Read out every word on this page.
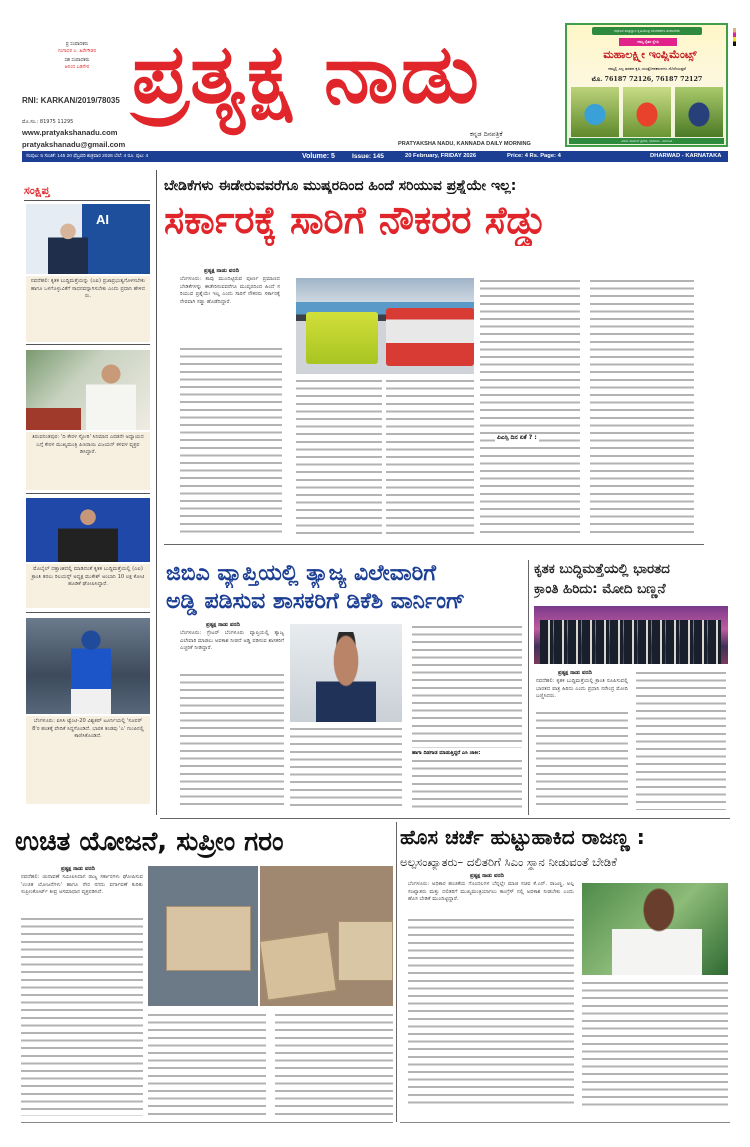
ಪ್ರ ಸಂಪಾದಕರು
ಗಂಗಾಧರ ಎ. ಹಿರೇಗೌಡರ
ಸಹ ಸಂಪಾದಕರು
ಆನಂದ ಬಡಿಗೇರ
RNI: KARKAN/2019/78035
ಮೊ.ಸಂ.: 81975 11295
www.pratyakshanadu.com
pratyakshanadu@gmail.com
ಪ್ರತ್ಯಕ್ಷ ನಾಡು
ಕನ್ನಡ ದಿನಪತ್ರಿಕೆ
PRATYAKSHA NADU, KANNADA DAILY MORNING
ಆಧುನಿಕ ತಂತ್ರಜ್ಞಾನ ಕೃಷಿಯಂತ್ರ ಸಲಕರಣೆಗಳ ತಯಾರಕರು
ನಮ್ಮ ರೈತರ ಸ್ನೇಹಿ
ಮಹಾಲಕ್ಷ್ಮೀ ಇಂಪ್ಲಿಮೆಂಟ್ಸ್
ನಮ್ಮಲ್ಲಿ ಎಲ್ಲ ತರಹದ ಕೃಷಿ ಯಂತ್ರೋಪಕರಣಗಳು ದೊರೆಯುತ್ತವೆ
ಮೊ. 76187 72126, 76187 72127
ವಿಳಾಸ: ಕಾರ್ಖಾನೆ ಪ್ರದೇಶ, ಧಾರವಾಡ - ಕರ್ನಾಟಕ
ಸಂಪುಟ: 5 ಸಂಚಿಕೆ: 145 20 ಫೆಬ್ರವರಿ ಶುಕ್ರವಾರ 2026 ಬೆಲೆ: 4 ರೂ. ಪುಟ: 4	Volume: 5	Issue: 145	20 February, FRIDAY 2026	Price: 4 Rs. Page: 4	DHARWAD - KARNATAKA
ಸಂಕ್ಷಿಪ್ತ
AI
ನವದೆಹಲಿ: ಕೃತಕ ಬುದ್ಧಿಮತ್ತೆಯನ್ನು (ಎಐ) ಪ್ರಜಾಪ್ರಭುತ್ವಗೊಳಿಸಬೇಕು ಹಾಗೂ ಒಳಗೊಳ್ಳುವಿಕೆಗೆ ಸಾಧನವನ್ನಾಗಿಸಬೇಕು ಎಂದು ಪ್ರಧಾನಿ ಹೇಳಿದರು.
ತಿರುವನಂತಪುರ: 'ದಿ ಕೇರಳ ಸ್ಟೋರಿ' ಸಿನಿಮಾದ ಎರಡನೇ ಅಧ್ಯಾಯದ ಬಗ್ಗೆ ಕೇರಳ ಮುಖ್ಯಮಂತ್ರಿ ಪಿಣರಾಯಿ ವಿಜಯನ್ ಕಳವಳ ವ್ಯಕ್ತಪಡಿಸಿದ್ದಾರೆ.
ಮೊಬೈಲ್ ದತ್ತಾಂಶದಲ್ಲಿ ಮಾಡಿದಂತೆ ಕೃತಕ ಬುದ್ಧಿಮತ್ತೆಯಲ್ಲಿ (ಎಐ) ಕ್ರಾಂತಿ ತರಲು ರಿಲಯನ್ಸ್ ಅಧ್ಯಕ್ಷ ಮುಕೇಶ್ ಅಂಬಾನಿ 10 ಲಕ್ಷ ಕೋಟಿ ಹೂಡಿಕೆ ಘೋಷಿಸಿದ್ದಾರೆ.
ಬೆಂಗಳೂರು: ಐಸಿಸಿ ಟ್ವೆಂಟಿ-20 ವಿಶ್ವಕಪ್ ಟೂರ್ನಿಯಲ್ಲಿ 'ಸೂಪರ್ 8'ರ ಹಂತಕ್ಕೆ ವೇದಿಕೆ ಸಿದ್ಧಗೊಂಡಿದೆ. ಭಾರತ ತಂಡವು 'ಎ' ಗುಂಪಿನಲ್ಲಿ ಕಾಣಿಸಿಕೊಂಡಿದೆ.
ಬೇಡಿಕೆಗಳು ಈಡೇರುವವರೆಗೂ ಮುಷ್ಕರದಿಂದ ಹಿಂದೆ ಸರಿಯುವ ಪ್ರಶ್ನೆಯೇ ಇಲ್ಲ:
ಸರ್ಕಾರಕ್ಕೆ ಸಾರಿಗೆ ನೌಕರರ ಸೆಡ್ಡು
ಪ್ರತ್ಯಕ್ಷ ನಾಡು ವರದಿ
ಬೆಂಗಳೂರು: ತಾವು ಮುಂದಿಟ್ಟಿರುವ ಪೂರ್ಣ ಪ್ರಮಾಣದ ಬೇಡಿಕೆಗಳನ್ನು ಈಡೇರಿಸುವವರೆಗೂ ಮುಷ್ಕರದಿಂದ ಹಿಂದೆ ಸರಿಯುವ ಪ್ರಶ್ನೆಯೇ ಇಲ್ಲ ಎಂದು ಸಾರಿಗೆ ನೌಕರರು ಸರ್ಕಾರಕ್ಕೆ ನೇರವಾಗಿ ಸಡ್ಡು ಹೊಡೆದಿದ್ದಾರೆ.
ಪಿಎಸ್ಸಿ ದಿನ ಏಕೆ ? :
ಜಿಬಿಎ ವ್ಯಾಪ್ತಿಯಲ್ಲಿ ತ್ಯಾಜ್ಯ ವಿಲೇವಾರಿಗೆ
ಅಡ್ಡಿ ಪಡಿಸುವ ಶಾಸಕರಿಗೆ ಡಿಕೆಶಿ ವಾರ್ನಿಂಗ್
ಪ್ರತ್ಯಕ್ಷ ನಾಡು ವರದಿ
ಬೆಂಗಳೂರು: ಗ್ರೇಟರ್ ಬೆಂಗಳೂರು ವ್ಯಾಪ್ತಿಯಲ್ಲಿ ತ್ಯಾಜ್ಯ ವಿಲೇವಾರಿ ಮಾಡಲು ಅವಕಾಶ ನೀಡದೆ ಅಡ್ಡಿ ಪಡಿಸುವ ಶಾಸಕರಿಗೆ ಎಚ್ಚರಿಕೆ ನೀಡಿದ್ದಾರೆ.
ಹಾಗಾ ದಿಡಗಾಡ ಮಾಡುತ್ತಿದ್ದರೆ ಎಸಿ ಜಾಕೀ:
ಕೃತಕ ಬುದ್ಧಿಮತ್ತೆಯಲ್ಲಿ ಭಾರತದ
ಕ್ರಾಂತಿ ಹಿರಿದು: ಮೋದಿ ಬಣ್ಣನೆ
ಪ್ರತ್ಯಕ್ಷ ನಾಡು ವರದಿ
ನವದೆಹಲಿ: ಕೃತಕ ಬುದ್ಧಿಮತ್ತೆಯಲ್ಲಿ ಕ್ರಾಂತಿ ರೂಪಿಸುವಲ್ಲಿ ಭಾರತದ ಪಾತ್ರ ಹಿರಿದು ಎಂದು ಪ್ರಧಾನಿ ನರೇಂದ್ರ ಮೋದಿ ಬಣ್ಣಿಸಿದರು.
ಉಚಿತ ಯೋಜನೆ, ಸುಪ್ರೀಂ ಗರಂ
ಪ್ರತ್ಯಕ್ಷ ನಾಡು ವರದಿ
ನವದೆಹಲಿ: ಚುನಾವಣೆ ಸಮೀಪಿಸಿದಾಗ ರಾಜ್ಯ ಸರ್ಕಾರಗಳು ಘೋಷಿಸುವ 'ಉಚಿತ ಯೋಜನೆಗಳು' ಹಾಗೂ ನೇರ ನಗದು ವರ್ಗಾವಣೆ ಕುರಿತು ಸುಪ್ರೀಂಕೋರ್ಟ್ ತೀವ್ರ ಅಸಮಾಧಾನ ವ್ಯಕ್ತಪಡಿಸಿದೆ.
ಹೊಸ ಚರ್ಚೆ ಹುಟ್ಟುಹಾಕಿದ ರಾಜಣ್ಣ :
ಅಲ್ಪಸಂಖ್ಯಾತರು– ದಲಿತರಿಗೆ ಸಿಎಂ ಸ್ಥಾನ ನೀಡುವಂತೆ ಬೇಡಿಕೆ
ಪ್ರತ್ಯಕ್ಷ ನಾಡು ವರದಿ
ಬೆಂಗಳೂರು: ಅಧಿಕಾರ ಹಂಚಿಕೆಯ ಗೊಂದಲಗಳ ಬೆನ್ನಲ್ಲೇ ಮಾಜಿ ಸಚಿವ ಕೆ.ಎನ್. ರಾಜಣ್ಣ, ಅಲ್ಪಸಂಖ್ಯಾತರು ಮತ್ತು ದಲಿತರಿಗೆ ಮುಖ್ಯಮಂತ್ರಿಯಾಗಲು ಕಾಂಗ್ರೆಸ್ ನಲ್ಲಿ ಅವಕಾಶ ನೀಡಬೇಕು ಎಂದು ಹೊಸ ಬೇಡಿಕೆ ಮುಂದಿಟ್ಟಿದ್ದಾರೆ.
